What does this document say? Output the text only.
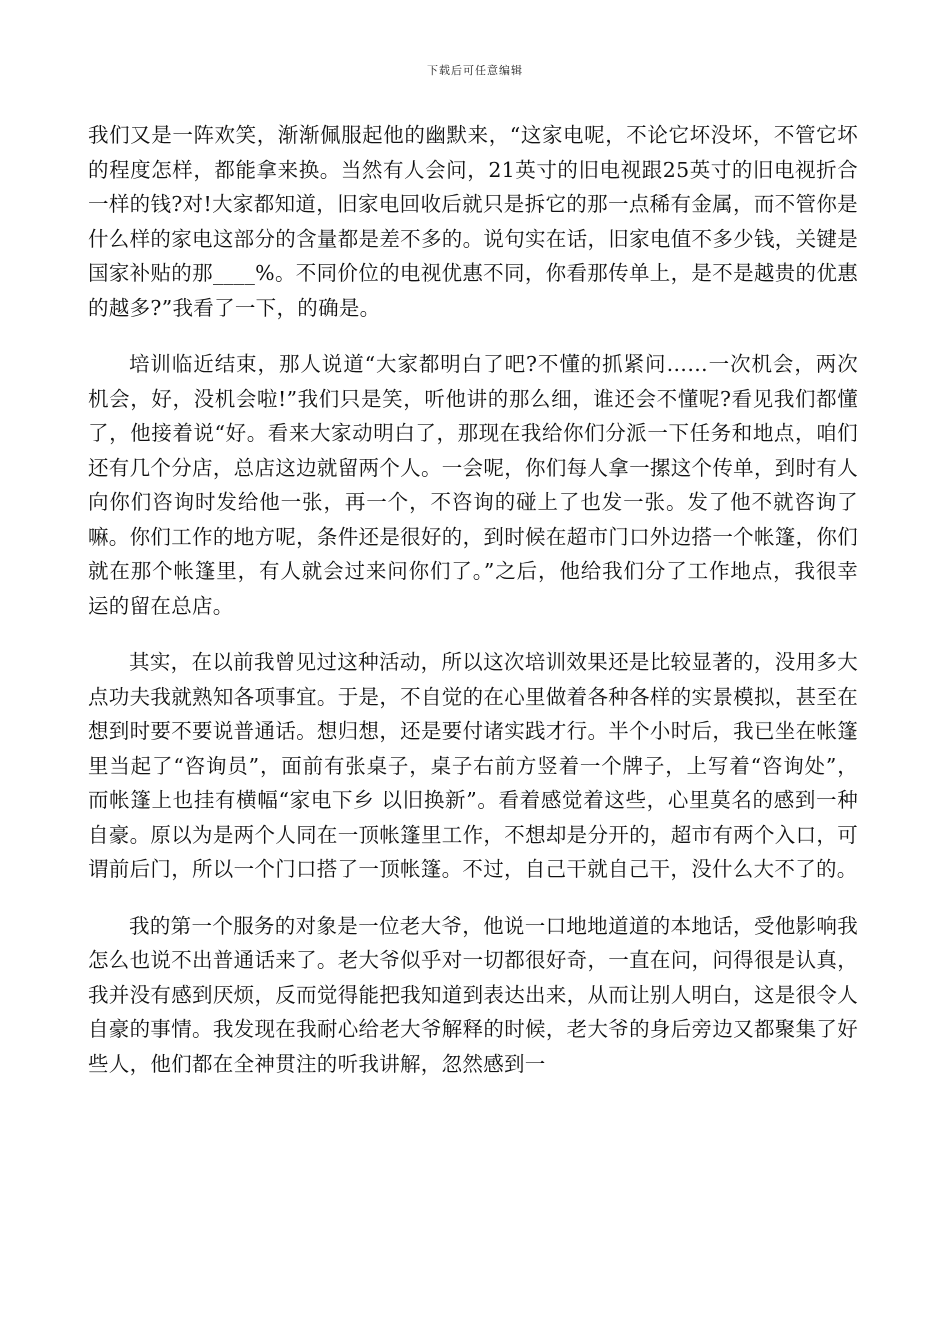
下载后可任意编辑

我们又是一阵欢笑，渐渐佩服起他的幽默来，“这家电呢，不论它坏没坏，不管它坏的程度怎样，都能拿来换。当然有人会问，21英寸的旧电视跟25英寸的旧电视折合一样的钱?对!大家都知道，旧家电回收后就只是拆它的那一点稀有金属，而不管你是什么样的家电这部分的含量都是差不多的。说句实在话，旧家电值不多少钱，关键是国家补贴的那____%。不同价位的电视优惠不同，你看那传单上，是不是越贵的优惠的越多?”我看了一下，的确是。

培训临近结束，那人说道“大家都明白了吧?不懂的抓紧问……一次机会，两次机会，好，没机会啦!”我们只是笑，听他讲的那么细，谁还会不懂呢?看见我们都懂了，他接着说“好。看来大家动明白了，那现在我给你们分派一下任务和地点，咱们还有几个分店，总店这边就留两个人。一会呢，你们每人拿一摞这个传单，到时有人向你们咨询时发给他一张，再一个，不咨询的碰上了也发一张。发了他不就咨询了嘛。你们工作的地方呢，条件还是很好的，到时候在超市门口外边搭一个帐篷，你们就在那个帐篷里，有人就会过来问你们了。”之后，他给我们分了工作地点，我很幸运的留在总店。

其实，在以前我曾见过这种活动，所以这次培训效果还是比较显著的，没用多大点功夫我就熟知各项事宜。于是，不自觉的在心里做着各种各样的实景模拟，甚至在想到时要不要说普通话。想归想，还是要付诸实践才行。半个小时后，我已坐在帐篷里当起了“咨询员”，面前有张桌子，桌子右前方竖着一个牌子，上写着“咨询处”，而帐篷上也挂有横幅“家电下乡 以旧换新”。看着感觉着这些，心里莫名的感到一种自豪。原以为是两个人同在一顶帐篷里工作，不想却是分开的，超市有两个入口，可谓前后门，所以一个门口搭了一顶帐篷。不过，自己干就自己干，没什么大不了的。

我的第一个服务的对象是一位老大爷，他说一口地地道道的本地话，受他影响我怎么也说不出普通话来了。老大爷似乎对一切都很好奇，一直在问，问得很是认真，我并没有感到厌烦，反而觉得能把我知道到表达出来，从而让别人明白，这是很令人自豪的事情。我发现在我耐心给老大爷解释的时候，老大爷的身后旁边又都聚集了好些人，他们都在全神贯注的听我讲解，忽然感到一
